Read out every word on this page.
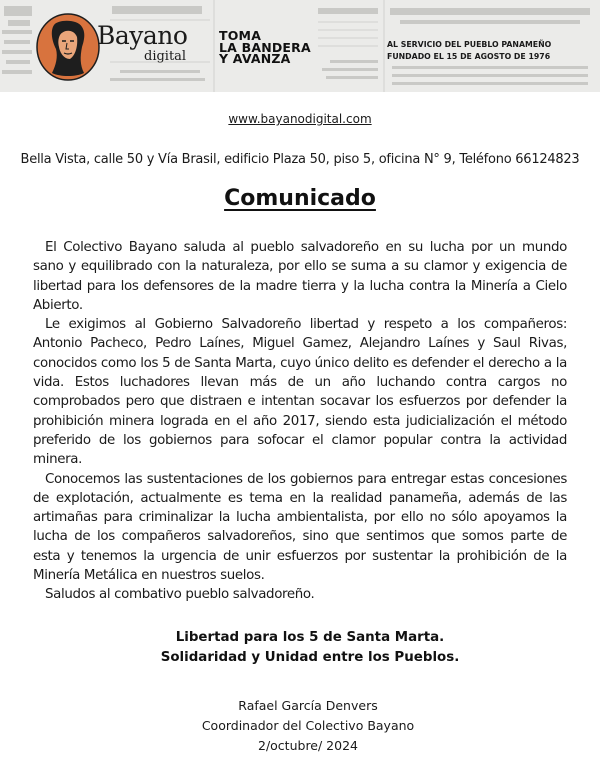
Bayano
digital
TOMA
LA BANDERA
Y AVANZA
AL SERVICIO DEL PUEBLO PANAMEÑO
FUNDADO EL 15 DE AGOSTO DE 1976
www.bayanodigital.com
Bella Vista, calle 50 y Vía Brasil, edificio Plaza 50, piso 5, oficina N° 9, Teléfono 66124823
Comunicado

El Colectivo Bayano saluda al pueblo salvadoreño en su lucha por un mundo sano y equilibrado con la naturaleza, por ello se suma a su clamor y exigencia de libertad para los defensores de la madre tierra y la lucha contra la Minería a Cielo Abierto.

Le exigimos al Gobierno Salvadoreño libertad y respeto a los compañeros: Antonio Pacheco, Pedro Laínes, Miguel Gamez, Alejandro Laínes y Saul Rivas, conocidos como los 5 de Santa Marta, cuyo único delito es defender el derecho a la vida. Estos luchadores llevan más de un año luchando contra cargos no comprobados pero que distraen e intentan socavar los esfuerzos por defender la prohibición minera lograda en el año 2017, siendo esta judicialización el método preferido de los gobiernos para sofocar el clamor popular contra la actividad minera.

Conocemos las sustentaciones de los gobiernos para entregar estas concesiones de explotación, actualmente es tema en la realidad panameña, además de las artimañas para criminalizar la lucha ambientalista, por ello no sólo apoyamos la lucha de los compañeros salvadoreños, sino que sentimos que somos parte de esta y tenemos la urgencia de unir esfuerzos por sustentar la prohibición de la Minería Metálica en nuestros suelos.

Saludos al combativo pueblo salvadoreño.

Libertad para los 5 de Santa Marta.
Solidaridad y Unidad entre los Pueblos.
Rafael García Denvers
Coordinador del Colectivo Bayano
2/octubre/ 2024
